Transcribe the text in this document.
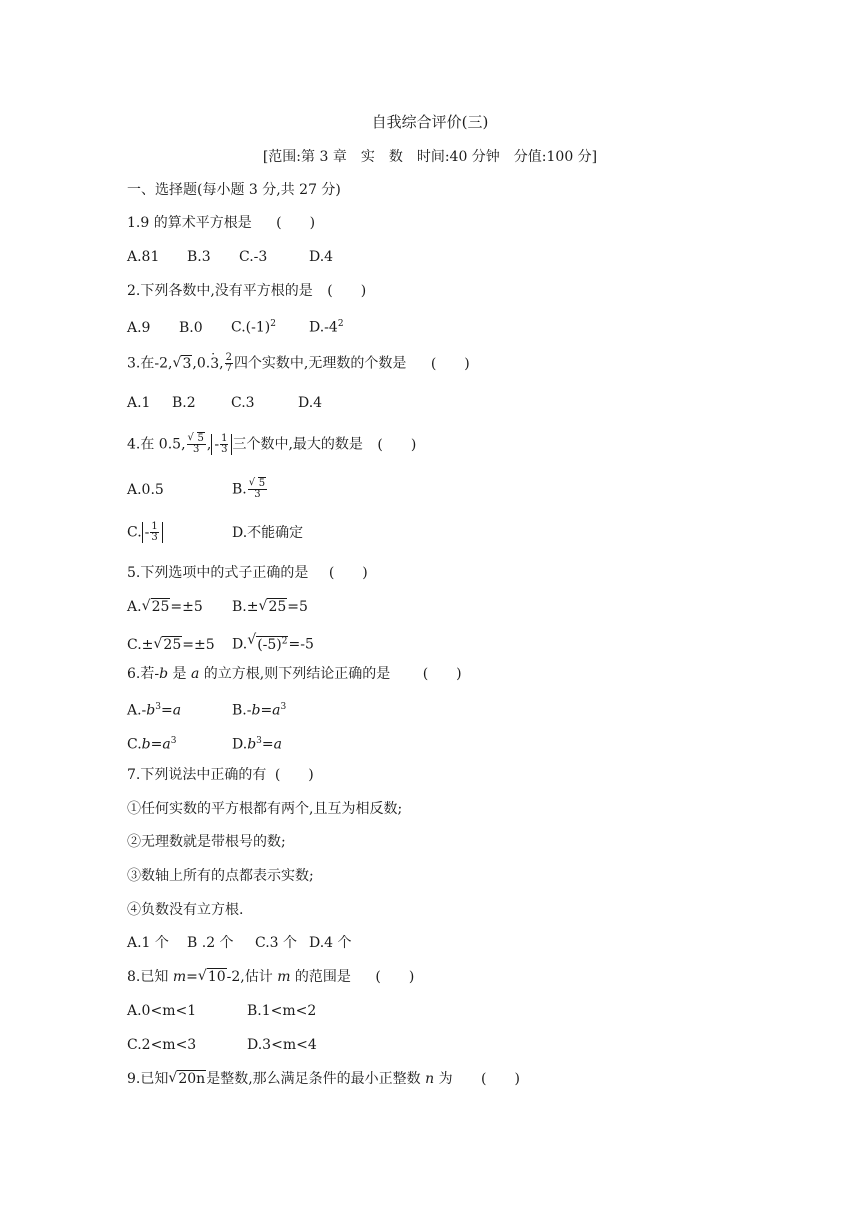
自我综合评价(三)
[范围:第 3 章　实　数　时间:40 分钟　分值:100 分]
一、选择题(每小题 3 分,共 27 分)
1.9 的算术平方根是 (　　)
A.81 B.3 C.-3	D.4
2.下列各数中,没有平方根的是 (　　)
A.9 B.0 $C.(-1)^2$ $D.-4^2$
3.在-2, √ 3,0.3 ·, $\frac{2}{7}$ 四个实数中,无理数的个数是 (　　)
A.1 B.2	C.3	D.4
4.在 0.5, √ $\frac{5}{3}$ , - $\frac{1}{3}$ 三个数中,最大的数是 (　　)
A.0.5	B. √ $\frac{5}{3}$
C. - $\frac{1}{3}$	D.不能确定
5.下列选项中的式子正确的是 (　　)
A. √ 25=±5 B.± √ 25=5
C.± √ 25=±5 D. √ $(-5)^2=-5$
6.若-b 是 a 的立方根,则下列结论正确的是 (　　)
$A.-b^3=a$	$B.-b=a^3$
$C.b=a^3$	$D.b^3=a$
7.下列说法中正确的有 (　　)
①任何实数的平方根都有两个,且互为相反数;
②无理数就是带根号的数;
③数轴上所有的点都表示实数;
④负数没有立方根.
A.1 个 B .2 个 C.3 个 D.4 个
8.已知 m= √ 10-2,估计 m 的范围是 (　　)
A.0<m<1	B.1<m<2
C.2<m<3	D.3<m<4
9.已知 √ 20n是整数,那么满足条件的最小正整数 n 为 (　　)
